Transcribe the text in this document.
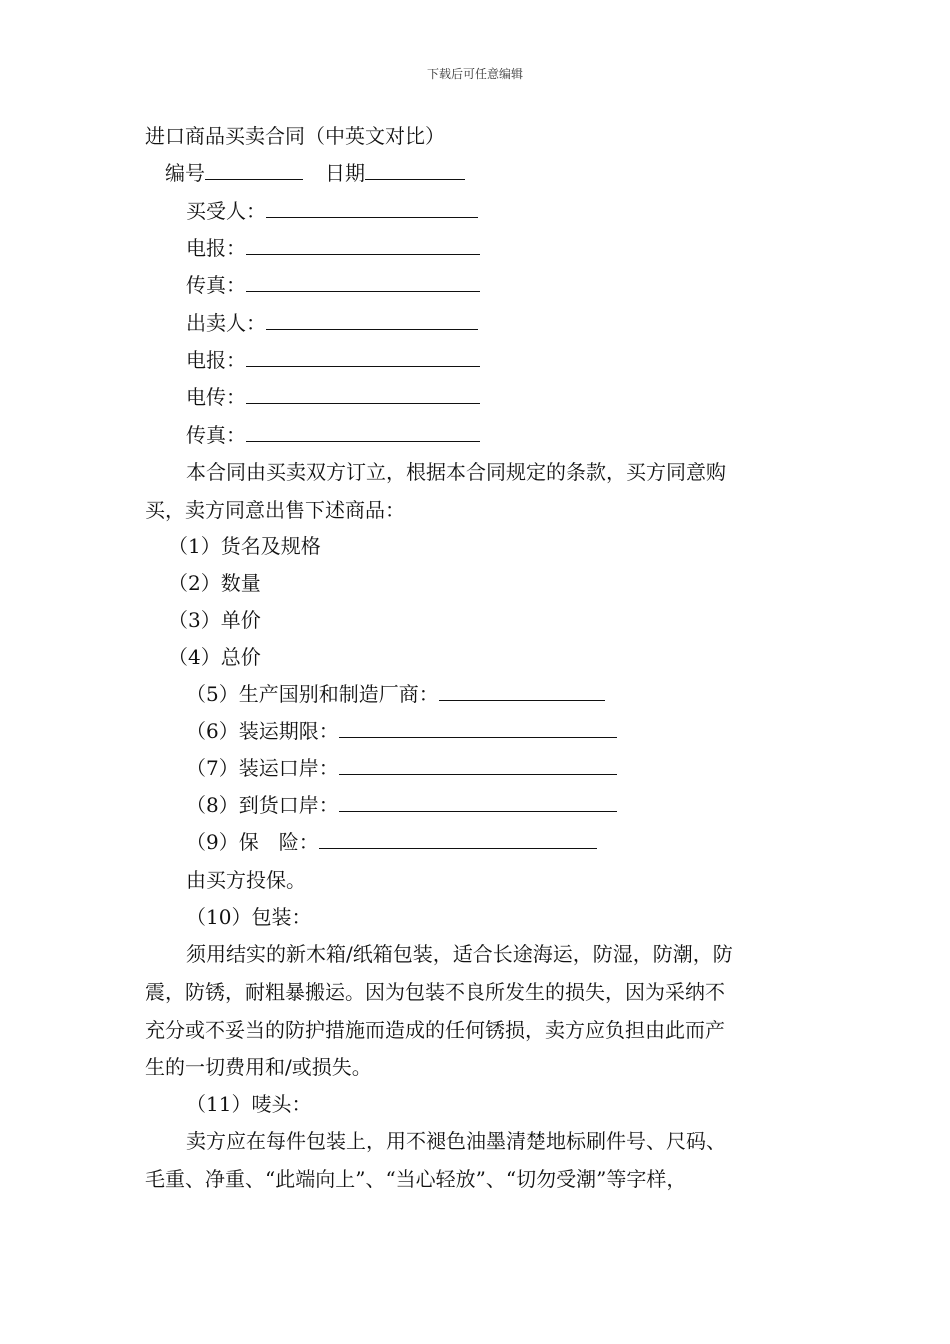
下载后可任意编辑
进口商品买卖合同（中英文对比）
编号	日期
买受人：
电报：
传真：
出卖人：
电报：
电传：
传真：
本合同由买卖双方订立，根据本合同规定的条款，买方同意购
买，卖方同意出售下述商品：
（1）货名及规格
（2）数量
（3）单价
（4）总价
（5）生产国别和制造厂商：
（6）装运期限：
（7）装运口岸：
（8）到货口岸：
（9）保　险：
由买方投保。
（10）包装：
须用结实的新木箱/纸箱包装，适合长途海运，防湿，防潮，防
震，防锈，耐粗暴搬运。因为包装不良所发生的损失，因为采纳不
充分或不妥当的防护措施而造成的任何锈损，卖方应负担由此而产
生的一切费用和/或损失。
（11）唛头：
卖方应在每件包装上，用不褪色油墨清楚地标刷件号、尺码、
毛重、净重、“此端向上”、“当心轻放”、“切勿受潮”等字样，
